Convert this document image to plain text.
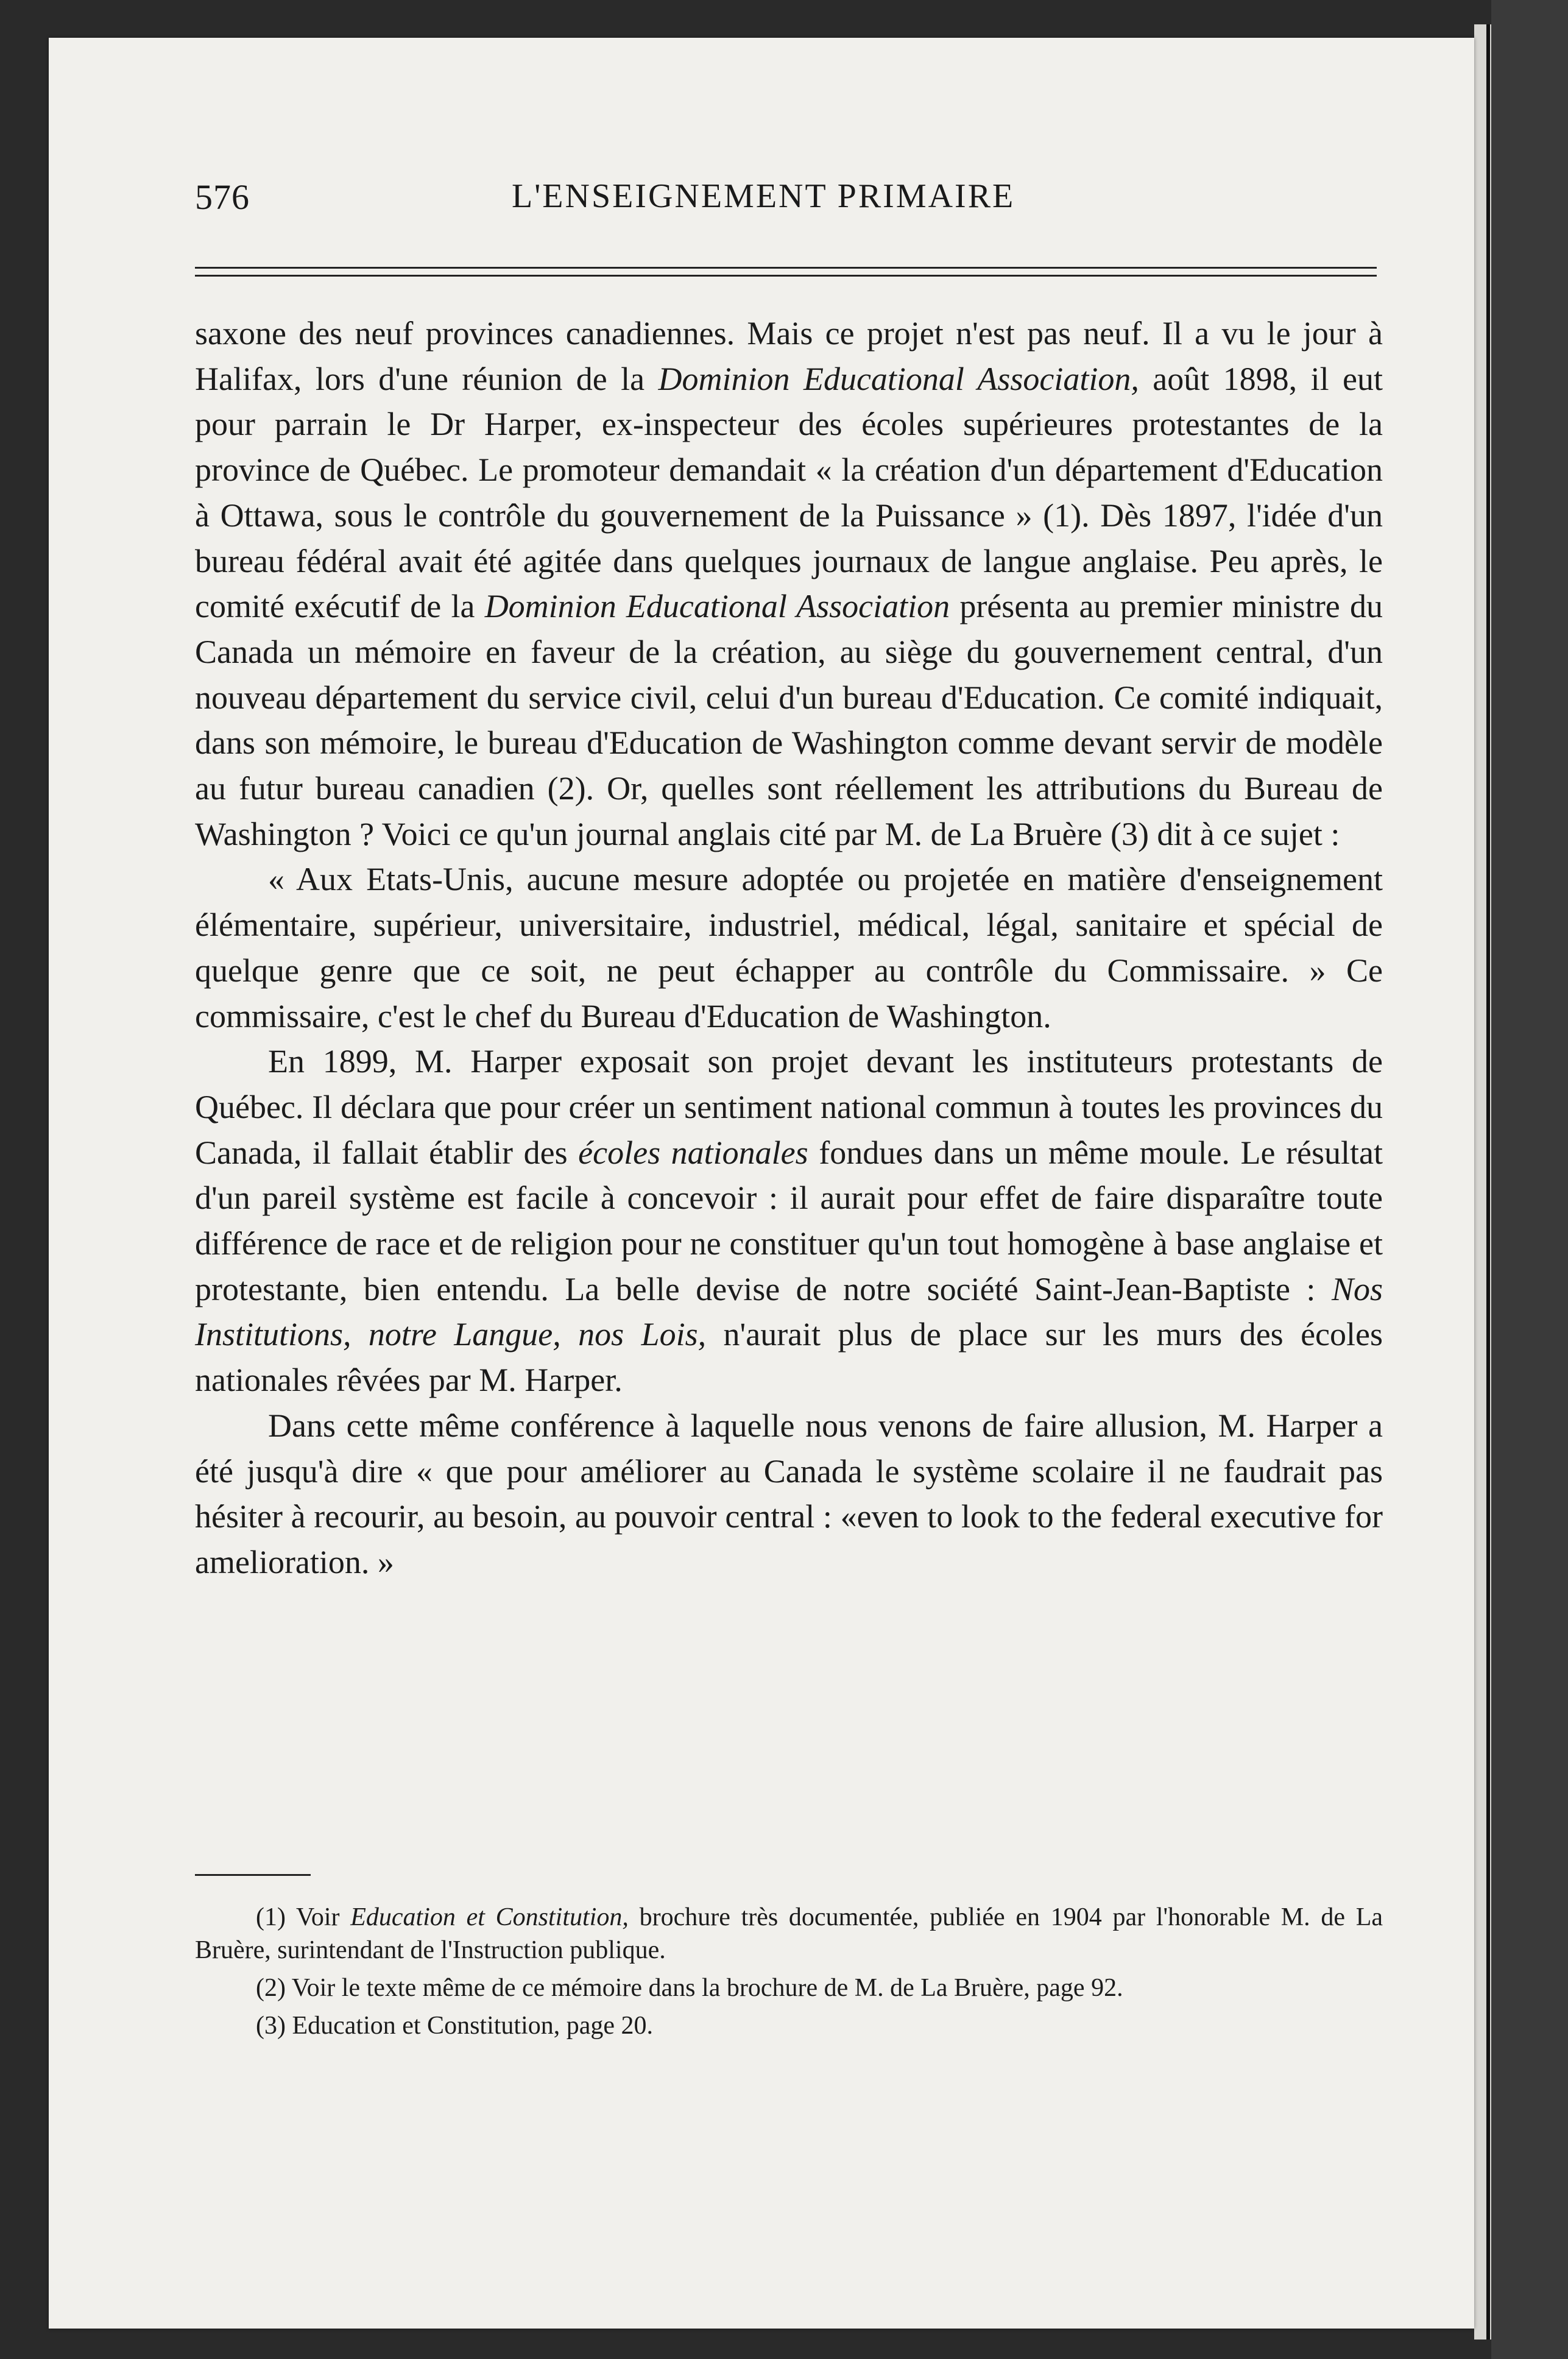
576	L'ENSEIGNEMENT PRIMAIRE

saxone des neuf provinces canadiennes. Mais ce projet n'est pas neuf. Il a vu le jour à Halifax, lors d'une réunion de la Dominion Educational Association, août 1898, il eut pour parrain le Dr Harper, ex-inspecteur des écoles supérieures protestantes de la province de Québec. Le promoteur demandait « la création d'un département d'Education à Ottawa, sous le contrôle du gouvernement de la Puissance » (1). Dès 1897, l'idée d'un bureau fédéral avait été agitée dans quelques journaux de langue anglaise. Peu après, le comité exécutif de la Dominion Educational Association présenta au premier ministre du Canada un mémoire en faveur de la création, au siège du gouvernement central, d'un nouveau département du service civil, celui d'un bureau d'Education. Ce comité indiquait, dans son mémoire, le bureau d'Education de Washington comme devant servir de modèle au futur bureau canadien (2). Or, quelles sont réellement les attributions du Bureau de Washington ? Voici ce qu'un journal anglais cité par M. de La Bruère (3) dit à ce sujet :

« Aux Etats-Unis, aucune mesure adoptée ou projetée en matière d'enseignement élémentaire, supérieur, universitaire, industriel, médical, légal, sanitaire et spécial de quelque genre que ce soit, ne peut échapper au contrôle du Commissaire. » Ce commissaire, c'est le chef du Bureau d'Education de Washington.

En 1899, M. Harper exposait son projet devant les instituteurs protestants de Québec. Il déclara que pour créer un sentiment national commun à toutes les provinces du Canada, il fallait établir des écoles nationales fondues dans un même moule. Le résultat d'un pareil système est facile à concevoir : il aurait pour effet de faire disparaître toute différence de race et de religion pour ne constituer qu'un tout homogène à base anglaise et protestante, bien entendu. La belle devise de notre société Saint-Jean-Baptiste : Nos Institutions, notre Langue, nos Lois, n'aurait plus de place sur les murs des écoles nationales rêvées par M. Harper.

Dans cette même conférence à laquelle nous venons de faire allusion, M. Harper a été jusqu'à dire « que pour améliorer au Canada le système scolaire il ne faudrait pas hésiter à recourir, au besoin, au pouvoir central : «even to look to the federal executive for amelioration. »

(1) Voir Education et Constitution, brochure très documentée, publiée en 1904 par l'honorable M. de La Bruère, surintendant de l'Instruction publique.

(2) Voir le texte même de ce mémoire dans la brochure de M. de La Bruère, page 92.

(3) Education et Constitution, page 20.
